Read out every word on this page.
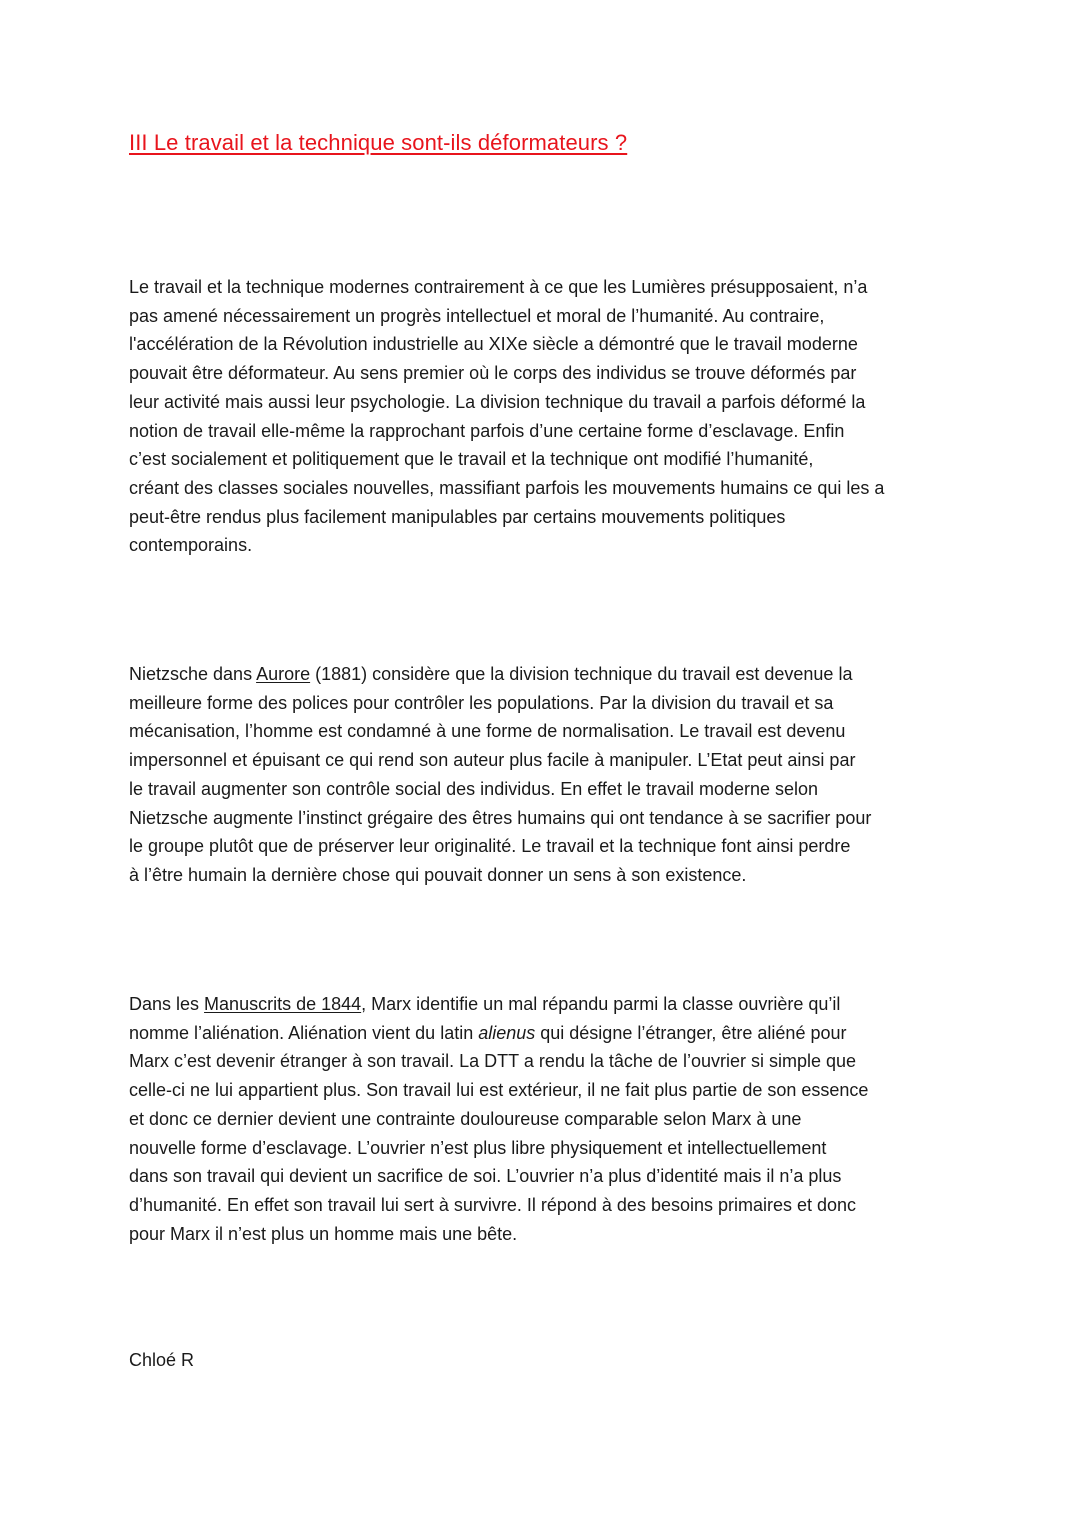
III Le travail et la technique sont-ils déformateurs ?

Le travail et la technique modernes contrairement à ce que les Lumières présupposaient, n’a
pas amené nécessairement un progrès intellectuel et moral de l’humanité. Au contraire,
l'accélération de la Révolution industrielle au XIXe siècle a démontré que le travail moderne
pouvait être déformateur. Au sens premier où le corps des individus se trouve déformés par
leur activité mais aussi leur psychologie. La division technique du travail a parfois déformé la
notion de travail elle-même la rapprochant parfois d’une certaine forme d’esclavage. Enfin
c’est socialement et politiquement que le travail et la technique ont modifié l’humanité,
créant des classes sociales nouvelles, massifiant parfois les mouvements humains ce qui les a
peut-être rendus plus facilement manipulables par certains mouvements politiques
contemporains.

Nietzsche dans Aurore (1881) considère que la division technique du travail est devenue la
meilleure forme des polices pour contrôler les populations. Par la division du travail et sa
mécanisation, l’homme est condamné à une forme de normalisation. Le travail est devenu
impersonnel et épuisant ce qui rend son auteur plus facile à manipuler. L’Etat peut ainsi par
le travail augmenter son contrôle social des individus. En effet le travail moderne selon
Nietzsche augmente l’instinct grégaire des êtres humains qui ont tendance à se sacrifier pour
le groupe plutôt que de préserver leur originalité. Le travail et la technique font ainsi perdre
à l’être humain la dernière chose qui pouvait donner un sens à son existence.

Dans les Manuscrits de 1844, Marx identifie un mal répandu parmi la classe ouvrière qu’il
nomme l’aliénation. Aliénation vient du latin alienus qui désigne l’étranger, être aliéné pour
Marx c’est devenir étranger à son travail. La DTT a rendu la tâche de l’ouvrier si simple que
celle-ci ne lui appartient plus. Son travail lui est extérieur, il ne fait plus partie de son essence
et donc ce dernier devient une contrainte douloureuse comparable selon Marx à une
nouvelle forme d’esclavage. L’ouvrier n’est plus libre physiquement et intellectuellement
dans son travail qui devient un sacrifice de soi. L’ouvrier n’a plus d’identité mais il n’a plus
d’humanité. En effet son travail lui sert à survivre. Il répond à des besoins primaires et donc
pour Marx il n’est plus un homme mais une bête.

Chloé R
